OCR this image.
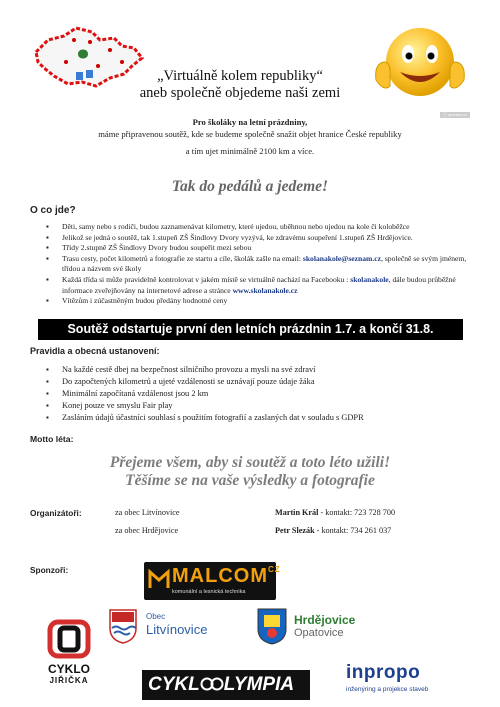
„Virtuálně kolem republiky“
aneb společně objedeme naši zemi
ⓒ seznam.cz
Pro školáky na letní prázdniny,
máme připravenou soutěž, kde se budeme společně snažit objet hranice České republiky
a tím ujet minimálně 2100 km a více.
Tak do pedálů a jedeme!
O co jde?
▪ Děti, samy nebo s rodiči, budou zaznamenávat kilometry, které ujedou, uběhnou nebo ujedou na kole či koloběžce
▪ Jelikož se jedná o soutěž, tak 1.stupeň ZŠ Šindlovy Dvory vyzývá, ke zdravému soupeření 1.stupeň ZŠ Hrdějovice.
▪ Třídy 2.stupně ZŠ Šindlovy Dvory budou soupeřit mezi sebou
▪ Trasu cesty, počet kilometrů a fotografie ze startu a cíle, školák zašle na email: skolanakole@seznam.cz, společně se svým jménem, třídou a názvem své školy
▪ Každá třída si může pravidelně kontrolovat v jakém místě se virtuálně nachází na Facebooku : skolanakole, dále budou průběžné informace zveřejňovány na internetové adrese a stránce www.skolanakole.cz
▪ Vítězům i zúčastněným budou předány hodnotné ceny
Soutěž odstartuje první den letních prázdnin 1.7. a končí 31.8.
Pravidla a obecná ustanovení:
▪ Na každé cestě dbej na bezpečnost silničního provozu a mysli na své zdraví
▪ Do započtených kilometrů a ujeté vzdálenosti se uznávají pouze údaje žáka
▪ Minimální započítaná vzdálenost jsou 2 km
▪ Konej pouze ve smyslu Fair play
▪ Zasláním údajů účastníci souhlasí s použitím fotografií a zaslaných dat v souladu s GDPR
Motto léta:
Přejeme všem, aby si soutěž a toto léto užili!
Těšíme se na vaše výsledky a fotografie
Organizátoři:	za obec Litvínovice	Martin Král - kontakt: 723 728 700
za obec Hrdějovice	Petr Slezák - kontakt: 734 261 037
Sponzoři:	$MALCOM^{CZ}$
komunální a lesnická technika
Obec
Litvínovice
Hrdějovice
Opatovice
CYKLO
JIŘIČKA	CYKL LYMPIA
inpropo
inženýring a projekce staveb
